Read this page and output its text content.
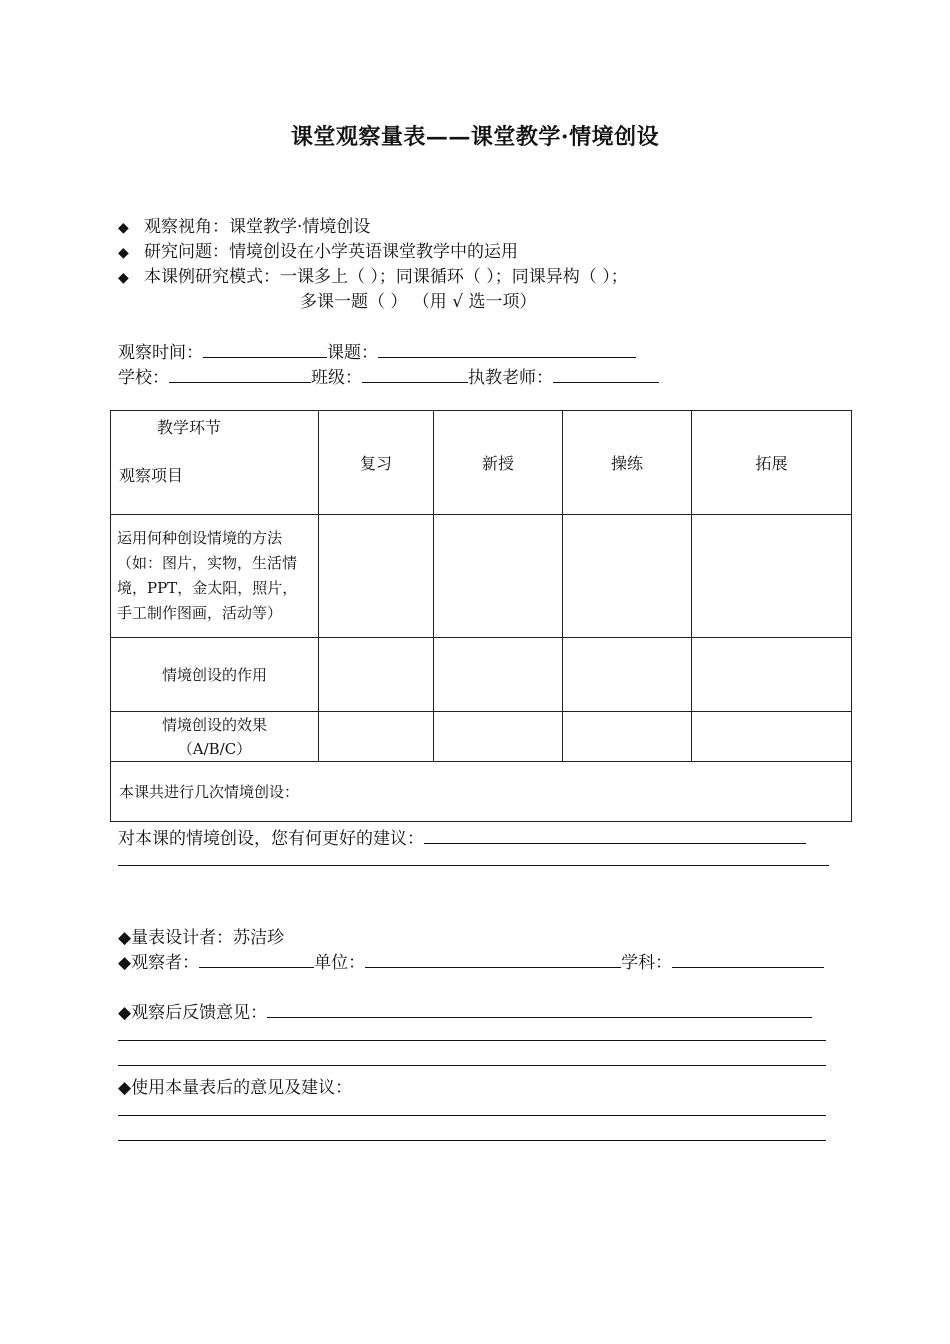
课堂观察量表——课堂教学·情境创设
◆ 观察视角：课堂教学·情境创设
◆ 研究问题：情境创设在小学英语课堂教学中的运用
◆ 本课例研究模式：一课多上（ ）；同课循环（ ）；同课异构（ ）；
多课一题（ ） （用 √ 选一项）
观察时间：	课题：
学校：	班级：	执教老师：
教学环节
观察项目	复习	新授	操练	拓展
运用何种创设情境的方法（如：图片，实物，生活情境，PPT，金太阳，照片，手工制作图画，活动等）				
情境创设的作用				
情境创设的效果（A/B/C）				
本课共进行几次情境创设：				
对本课的情境创设，您有何更好的建议：
◆量表设计者：苏洁珍
◆观察者：	单位：	学科：
◆观察后反馈意见：
◆使用本量表后的意见及建议：
